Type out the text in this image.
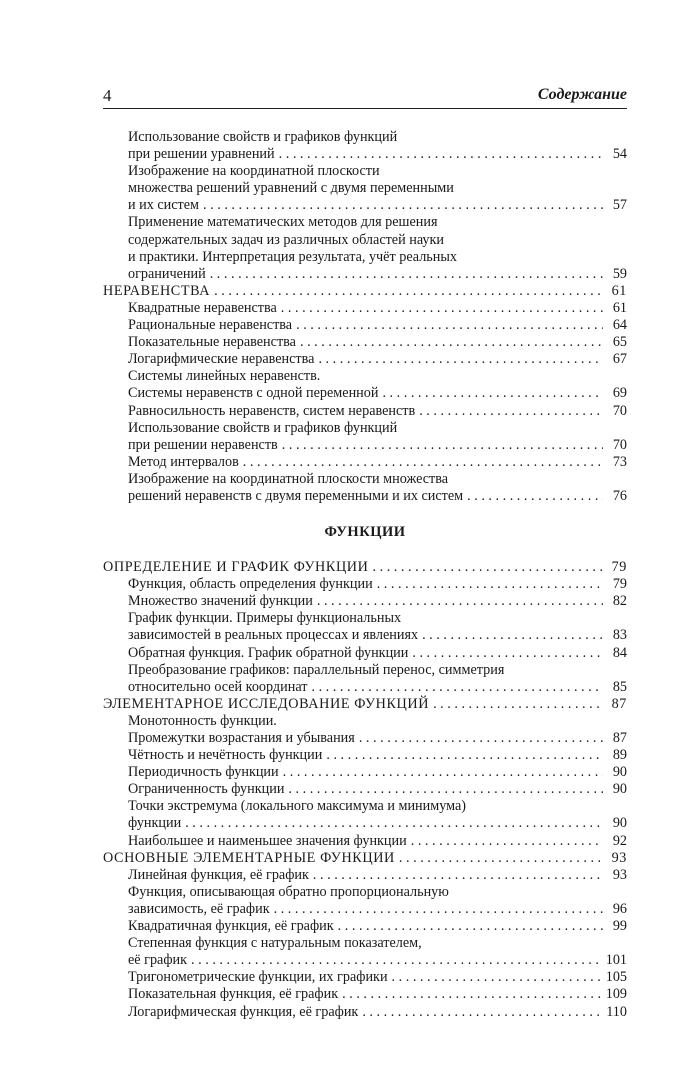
4	Содержание
Использование свойств и графиков функций
при решении уравнений . . .	54
Изображение на координатной плоскости
множества решений уравнений с двумя переменными
и их систем . . .	57
Применение математических методов для решения
содержательных задач из различных областей науки
и практики. Интерпретация результата, учёт реальных
ограничений . . .	59
НЕРАВЕНСТВА . . .	61
Квадратные неравенства . . .	61
Рациональные неравенства . . .	64
Показательные неравенства . . .	65
Логарифмические неравенства . . .	67
Системы линейных неравенств.
Системы неравенств с одной переменной . . .	69
Равносильность неравенств, систем неравенств . . .	70
Использование свойств и графиков функций
при решении неравенств . . .	70
Метод интервалов . . .	73
Изображение на координатной плоскости множества
решений неравенств с двумя переменными и их систем . . .	76
ФУНКЦИИ
ОПРЕДЕЛЕНИЕ И ГРАФИК ФУНКЦИИ . . .	79
Функция, область определения функции . . .	79
Множество значений функции . . .	82
График функции. Примеры функциональных
зависимостей в реальных процессах и явлениях . . .	83
Обратная функция. График обратной функции . . .	84
Преобразование графиков: параллельный перенос, симметрия
относительно осей координат . . .	85
ЭЛЕМЕНТАРНОЕ ИССЛЕДОВАНИЕ ФУНКЦИЙ . . .	87
Монотонность функции.
Промежутки возрастания и убывания . . .	87
Чётность и нечётность функции . . .	89
Периодичность функции . . .	90
Ограниченность функции . . .	90
Точки экстремума (локального максимума и минимума)
функции . . .	90
Наибольшее и наименьшее значения функции . . .	92
ОСНОВНЫЕ ЭЛЕМЕНТАРНЫЕ ФУНКЦИИ . . .	93
Линейная функция, её график . . .	93
Функция, описывающая обратно пропорциональную
зависимость, её график . . .	96
Квадратичная функция, её график . . .	99
Степенная функция с натуральным показателем,
её график . . .	101
Тригонометрические функции, их графики . . .	105
Показательная функция, её график . . .	109
Логарифмическая функция, её график . . .	110
